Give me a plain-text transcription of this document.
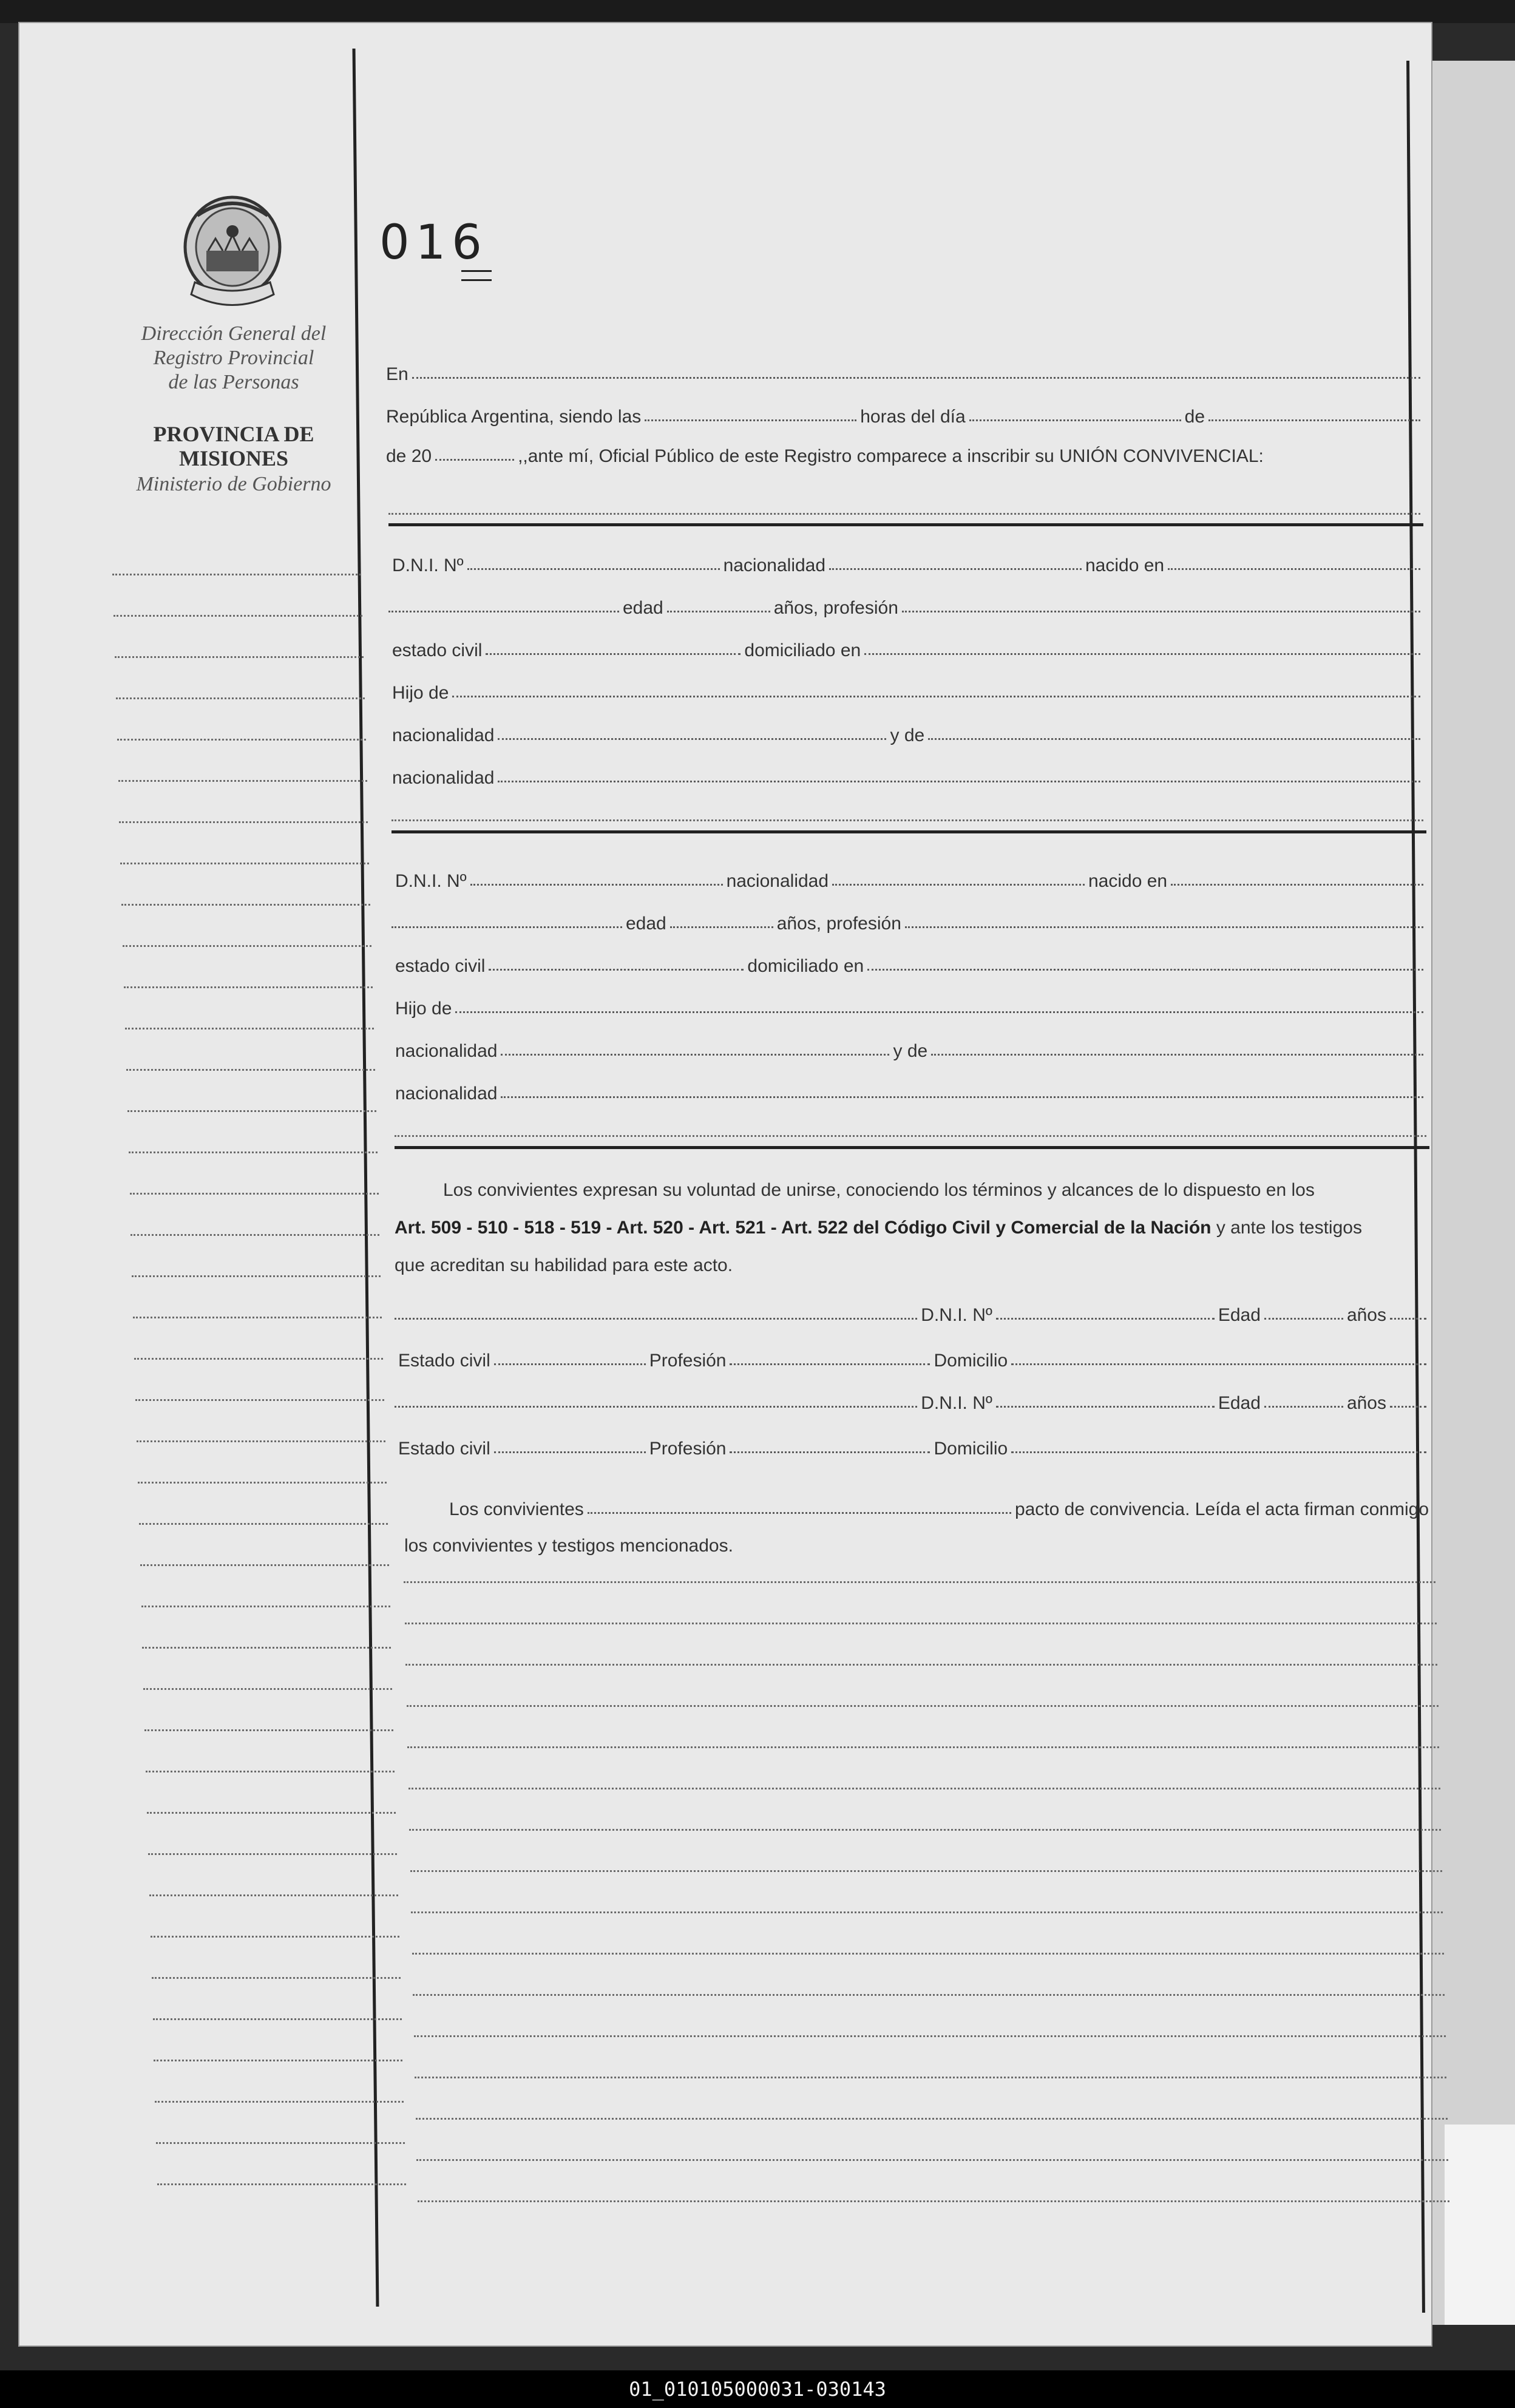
Dirección General del
Registro Provincial
de las Personas
PROVINCIA DE
MISIONES
Ministerio de Gobierno
016
En
República Argentina, siendo las	horas del día	de
de 20	,,ante mí, Oficial Público de este Registro comparece a inscribir su UNIÓN CONVIVENCIAL:
D.N.I. Nº	nacionalidad	nacido en
edad	años, profesión
estado civil	domiciliado en
Hijo de
nacionalidad	y de
nacionalidad
D.N.I. Nº	nacionalidad	nacido en
edad	años, profesión
estado civil	domiciliado en
Hijo de
nacionalidad	y de
nacionalidad
Los convivientes expresan su voluntad de unirse, conociendo los términos y alcances de lo dispuesto en los
Art. 509 - 510 - 518 - 519 - Art. 520 - Art. 521 - Art. 522 del Código Civil y Comercial de la Nación y ante los testigos
que acreditan su habilidad para este acto.
D.N.I. Nº	Edad	años
Estado civil	Profesión	Domicilio
D.N.I. Nº	Edad	años
Estado civil	Profesión	Domicilio
Los convivientes	pacto de convivencia. Leída el acta firman conmigo
los convivientes y testigos mencionados.
01_010105000031-030143
